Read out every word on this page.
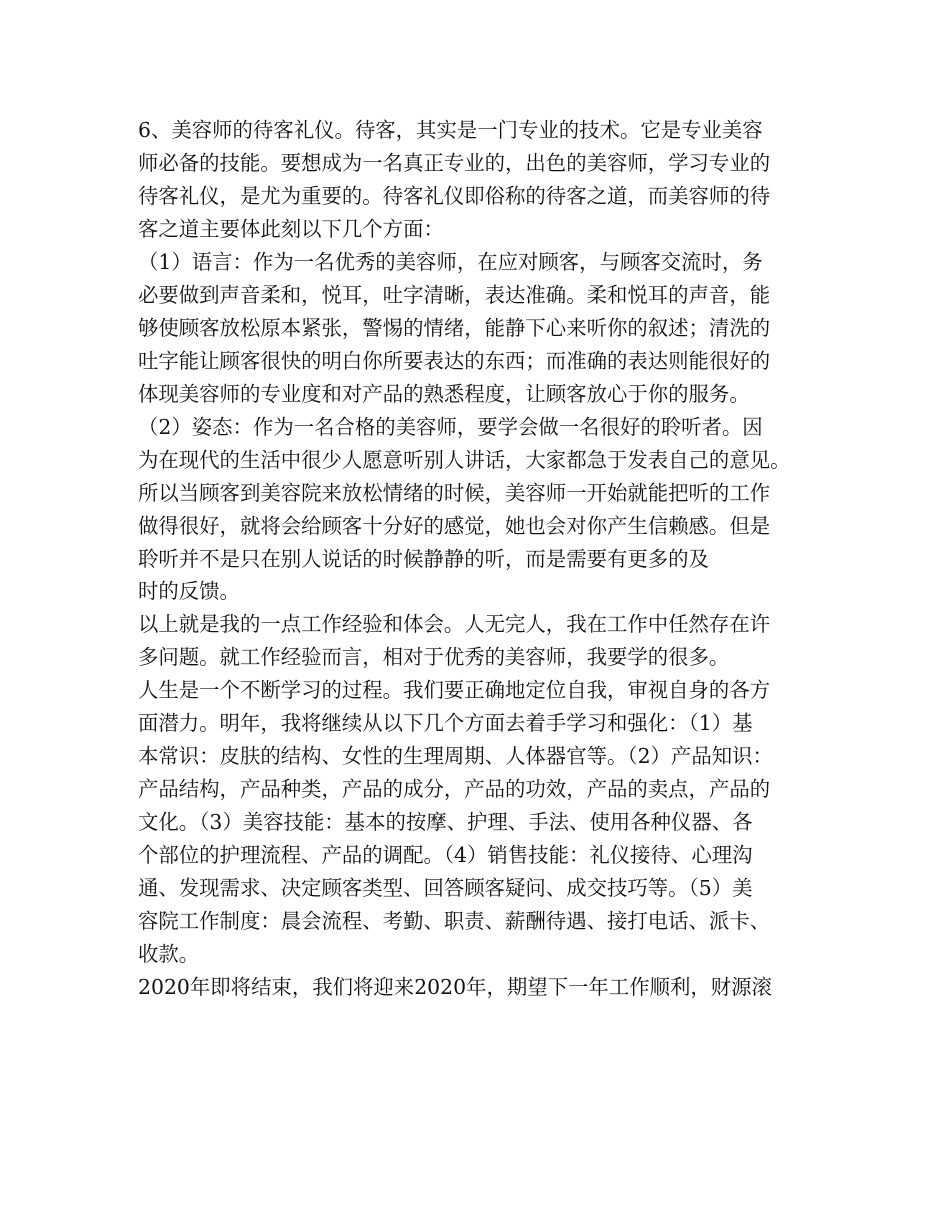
6、美容师的待客礼仪。待客，其实是一门专业的技术。它是专业美容
师必备的技能。要想成为一名真正专业的，出色的美容师，学习专业的
待客礼仪，是尤为重要的。待客礼仪即俗称的待客之道，而美容师的待
客之道主要体此刻以下几个方面：
（1）语言：作为一名优秀的美容师，在应对顾客，与顾客交流时，务
必要做到声音柔和，悦耳，吐字清晰，表达准确。柔和悦耳的声音，能
够使顾客放松原本紧张，警惕的情绪，能静下心来听你的叙述；清洗的
吐字能让顾客很快的明白你所要表达的东西；而准确的表达则能很好的
体现美容师的专业度和对产品的熟悉程度，让顾客放心于你的服务。
（2）姿态：作为一名合格的美容师，要学会做一名很好的聆听者。因
为在现代的生活中很少人愿意听别人讲话，大家都急于发表自己的意见。
所以当顾客到美容院来放松情绪的时候，美容师一开始就能把听的工作
做得很好，就将会给顾客十分好的感觉，她也会对你产生信赖感。但是
聆听并不是只在别人说话的时候静静的听，而是需要有更多的及
时的反馈。
以上就是我的一点工作经验和体会。人无完人，我在工作中任然存在许
多问题。就工作经验而言，相对于优秀的美容师，我要学的很多。
人生是一个不断学习的过程。我们要正确地定位自我，审视自身的各方
面潜力。明年，我将继续从以下几个方面去着手学习和强化：（1）基
本常识：皮肤的结构、女性的生理周期、人体器官等。（2）产品知识：
产品结构，产品种类，产品的成分，产品的功效，产品的卖点，产品的
文化。（3）美容技能：基本的按摩、护理、手法、使用各种仪器、各
个部位的护理流程、产品的调配。（4）销售技能：礼仪接待、心理沟
通、发现需求、决定顾客类型、回答顾客疑问、成交技巧等。（5）美
容院工作制度：晨会流程、考勤、职责、薪酬待遇、接打电话、派卡、
收款。
2020年即将结束，我们将迎来2020年，期望下一年工作顺利，财源滚
